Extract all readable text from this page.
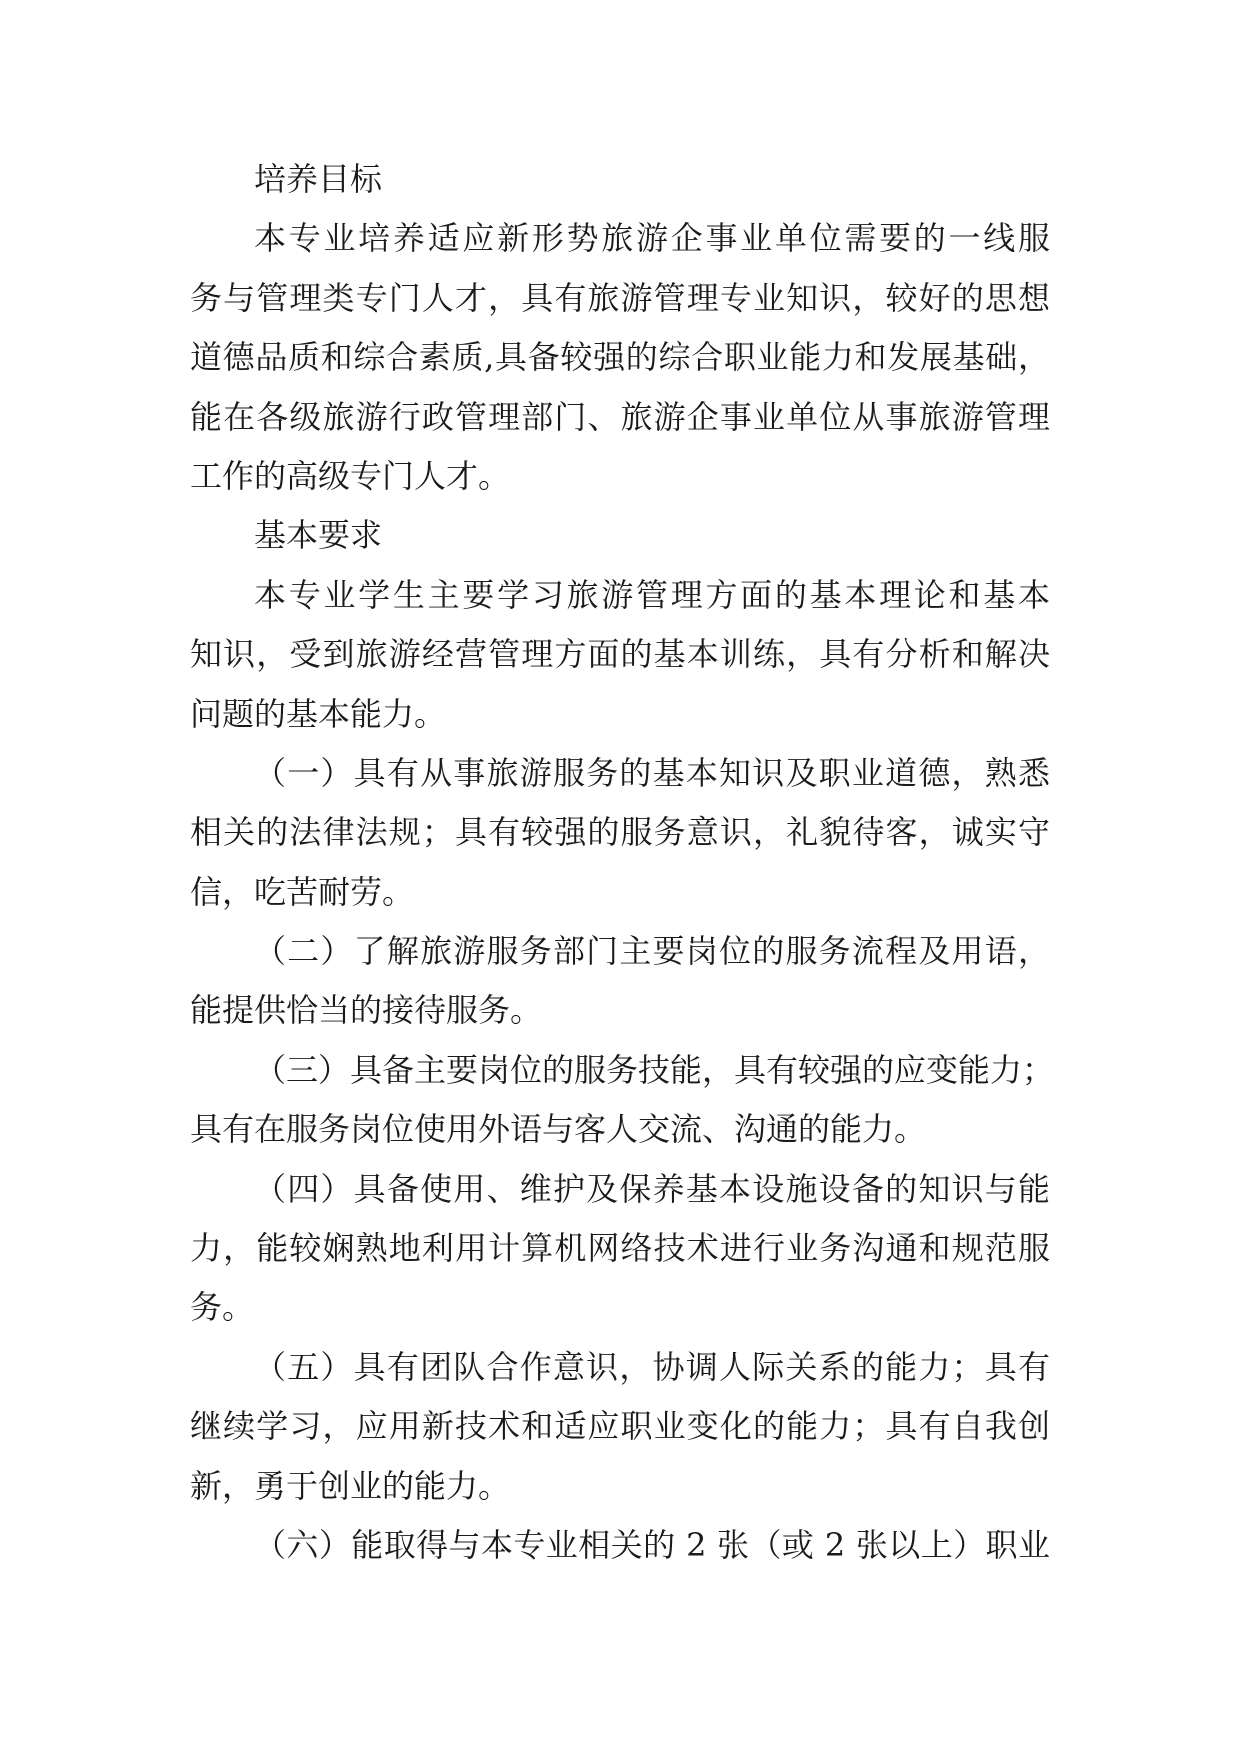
培养目标

本专业培养适应新形势旅游企事业单位需要的一线服

务与管理类专门人才，具有旅游管理专业知识，较好的思想

道德品质和综合素质,具备较强的综合职业能力和发展基础，

能在各级旅游行政管理部门、旅游企事业单位从事旅游管理

工作的高级专门人才。

基本要求

本专业学生主要学习旅游管理方面的基本理论和基本

知识，受到旅游经营管理方面的基本训练，具有分析和解决

问题的基本能力。

（一）具有从事旅游服务的基本知识及职业道德，熟悉

相关的法律法规；具有较强的服务意识，礼貌待客，诚实守

信，吃苦耐劳。

（二）了解旅游服务部门主要岗位的服务流程及用语，

能提供恰当的接待服务。

（三）具备主要岗位的服务技能，具有较强的应变能力；

具有在服务岗位使用外语与客人交流、沟通的能力。

（四）具备使用、维护及保养基本设施设备的知识与能

力，能较娴熟地利用计算机网络技术进行业务沟通和规范服

务。

（五）具有团队合作意识，协调人际关系的能力；具有

继续学习，应用新技术和适应职业变化的能力；具有自我创

新，勇于创业的能力。

（六）能取得与本专业相关的 2 张（或 2 张以上）职业
